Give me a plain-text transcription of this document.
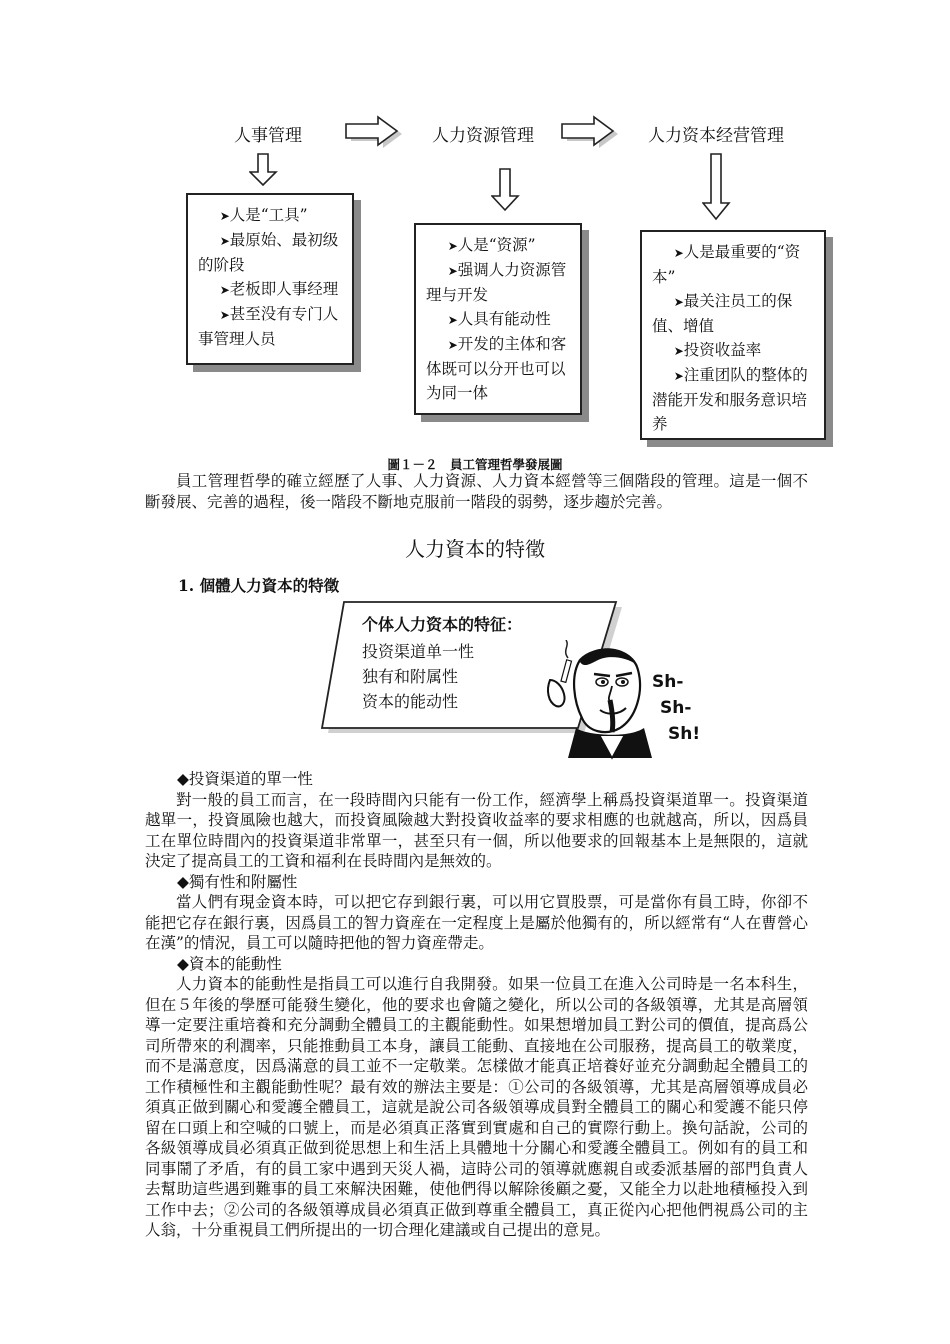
人事管理	人力资源管理	人力资本经营管理

➤人是“工具”

➤最原始、最初级的阶段

➤老板即人事经理

➤甚至没有专门人事管理人员

➤人是“资源”

➤强调人力资源管理与开发

➤人具有能动性

➤开发的主体和客体既可以分开也可以为同一体

➤人是最重要的“资本”

➤最关注员工的保值、增值

➤投资收益率

➤注重团队的整体的潜能开发和服务意识培养

圖１－２　員工管理哲學發展圖

員工管理哲學的確立經歷了人事、人力資源、人力資本經營等三個階段的管理。這是一個不斷發展、完善的過程，後一階段不斷地克服前一階段的弱勢，逐步趨於完善。

人力資本的特徵
1. 個體人力資本的特徵
个体人力资本的特征：
投资渠道单一性
独有和附属性
资本的能动性
Sh-
Sh-
Sh!

◆投資渠道的單一性

對一般的員工而言，在一段時間內只能有一份工作，經濟學上稱爲投資渠道單一。投資渠道越單一，投資風險也越大，而投資風險越大對投資收益率的要求相應的也就越高，所以，因爲員工在單位時間內的投資渠道非常單一，甚至只有一個，所以他要求的回報基本上是無限的，這就決定了提高員工的工資和福利在長時間內是無效的。

◆獨有性和附屬性

當人們有現金資本時，可以把它存到銀行裏，可以用它買股票，可是當你有員工時，你卻不能把它存在銀行裏，因爲員工的智力資産在一定程度上是屬於他獨有的，所以經常有“人在曹營心在漢”的情況，員工可以隨時把他的智力資産帶走。

◆資本的能動性

人力資本的能動性是指員工可以進行自我開發。如果一位員工在進入公司時是一名本科生，但在５年後的學歷可能發生變化，他的要求也會隨之變化，所以公司的各級領導，尤其是高層領導一定要注重培養和充分調動全體員工的主觀能動性。如果想增加員工對公司的價值，提高爲公司所帶來的利潤率，只能推動員工本身，讓員工能動、直接地在公司服務，提高員工的敬業度，而不是滿意度，因爲滿意的員工並不一定敬業。怎樣做才能真正培養好並充分調動起全體員工的工作積極性和主觀能動性呢？最有效的辦法主要是：①公司的各級領導，尤其是高層領導成員必須真正做到關心和愛護全體員工，這就是說公司各級領導成員對全體員工的關心和愛護不能只停留在口頭上和空喊的口號上，而是必須真正落實到實處和自己的實際行動上。換句話說，公司的各級領導成員必須真正做到從思想上和生活上具體地十分關心和愛護全體員工。例如有的員工和同事鬧了矛盾，有的員工家中遇到天災人禍，這時公司的領導就應親自或委派基層的部門負責人去幫助這些遇到難事的員工來解決困難，使他們得以解除後顧之憂，又能全力以赴地積極投入到工作中去；②公司的各級領導成員必須真正做到尊重全體員工，真正從內心把他們視爲公司的主人翁，十分重視員工們所提出的一切合理化建議或自己提出的意見。
